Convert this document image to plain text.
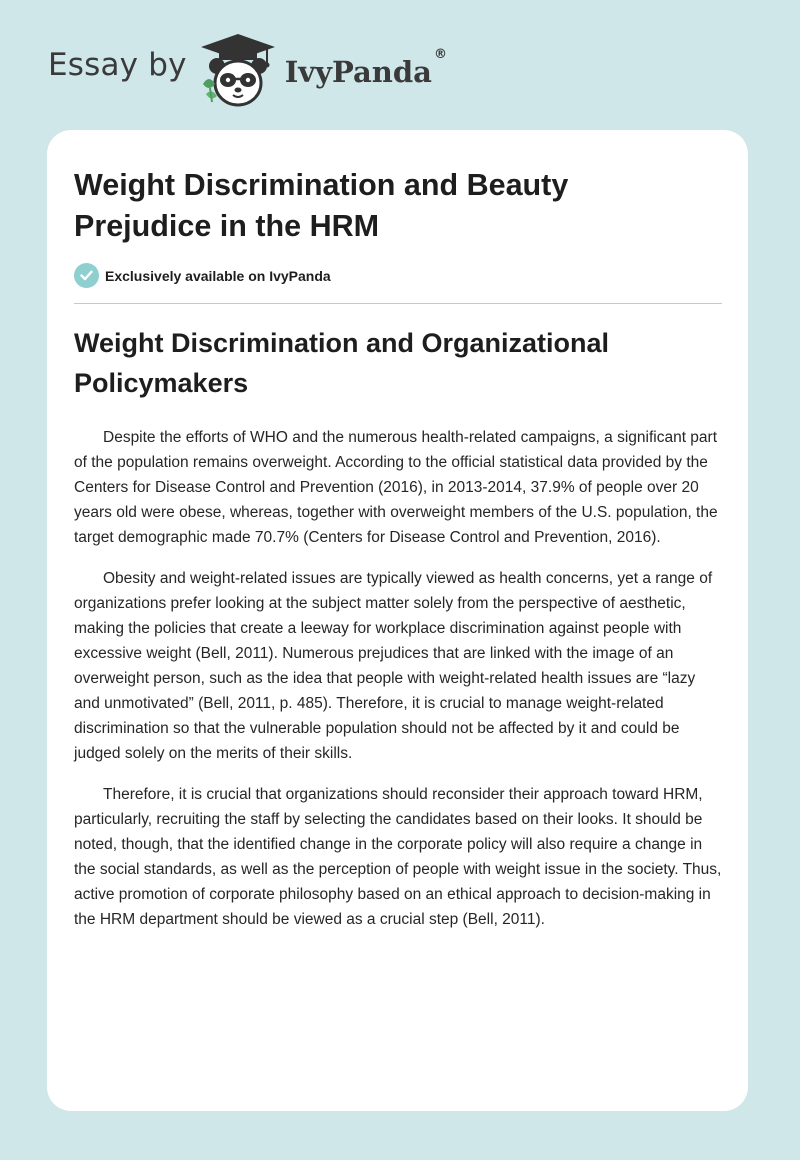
Essay by	IvyPanda
®
Weight Discrimination and Beauty Prejudice in the HRM
Exclusively available on IvyPanda
Weight Discrimination and Organizational Policymakers

Despite the efforts of WHO and the numerous health-related campaigns, a significant part of the population remains overweight. According to the official statistical data provided by the Centers for Disease Control and Prevention (2016), in 2013-2014, 37.9% of people over 20 years old were obese, whereas, together with overweight members of the U.S. population, the target demographic made 70.7% (Centers for Disease Control and Prevention, 2016).

Obesity and weight-related issues are typically viewed as health concerns, yet a range of organizations prefer looking at the subject matter solely from the perspective of aesthetic, making the policies that create a leeway for workplace discrimination against people with excessive weight (Bell, 2011). Numerous prejudices that are linked with the image of an overweight person, such as the idea that people with weight-related health issues are “lazy and unmotivated” (Bell, 2011, p. 485). Therefore, it is crucial to manage weight-related discrimination so that the vulnerable population should not be affected by it and could be judged solely on the merits of their skills.

Therefore, it is crucial that organizations should reconsider their approach toward HRM, particularly, recruiting the staff by selecting the candidates based on their looks. It should be noted, though, that the identified change in the corporate policy will also require a change in the social standards, as well as the perception of people with weight issue in the society. Thus, active promotion of corporate philosophy based on an ethical approach to decision-making in the HRM department should be viewed as a crucial step (Bell, 2011).
